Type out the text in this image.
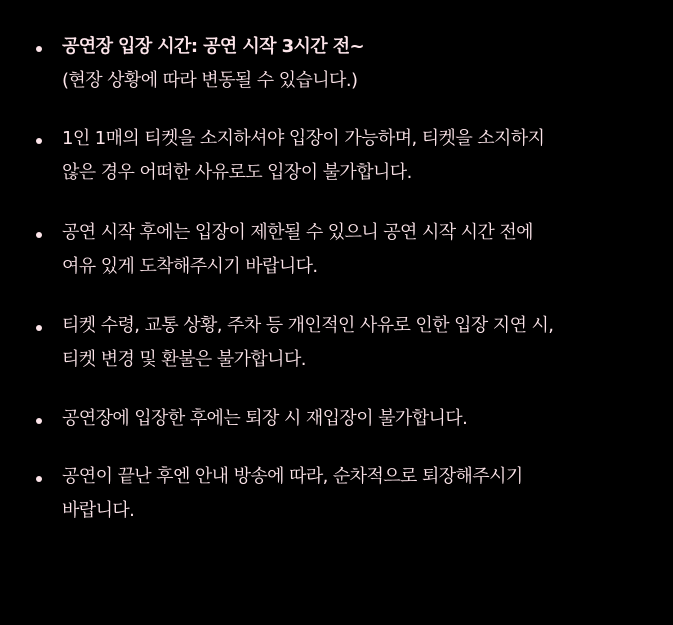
공연장 입장 시간: 공연 시작 3시간 전~
(현장 상황에 따라 변동될 수 있습니다.)
1인 1매의 티켓을 소지하셔야 입장이 가능하며, 티켓을 소지하지
않은 경우 어떠한 사유로도 입장이 불가합니다.
공연 시작 후에는 입장이 제한될 수 있으니 공연 시작 시간 전에
여유 있게 도착해주시기 바랍니다.
티켓 수령, 교통 상황, 주차 등 개인적인 사유로 인한 입장 지연 시,
티켓 변경 및 환불은 불가합니다.
공연장에 입장한 후에는 퇴장 시 재입장이 불가합니다.
공연이 끝난 후엔 안내 방송에 따라, 순차적으로 퇴장해주시기
바랍니다.
